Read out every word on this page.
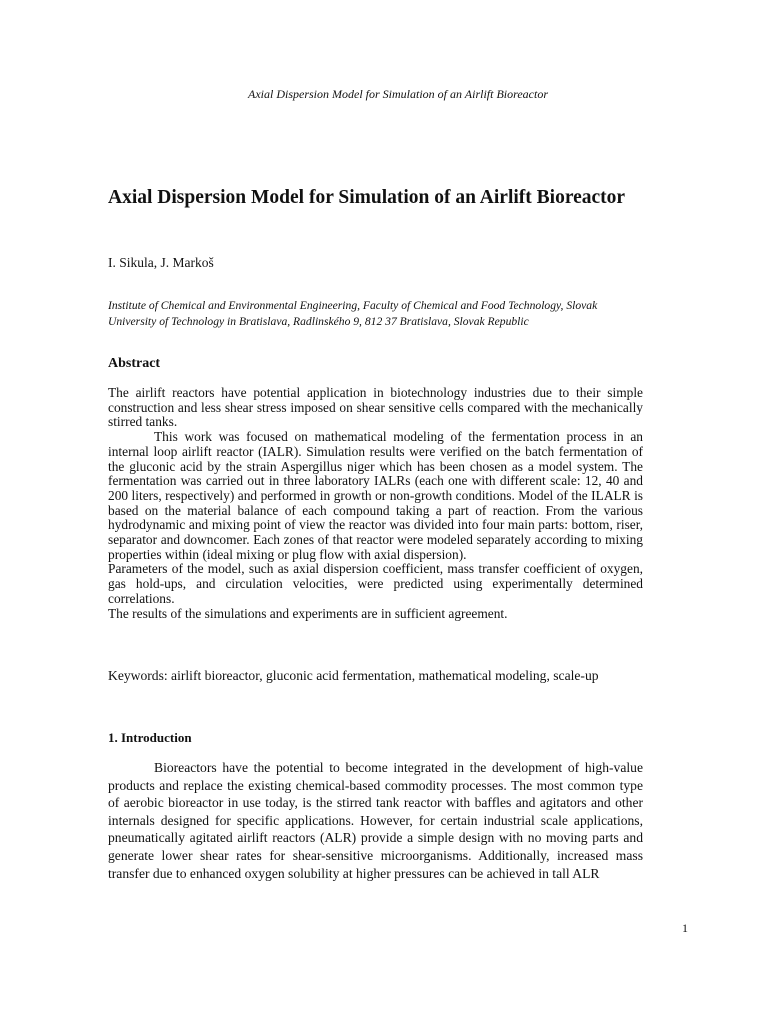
Axial Dispersion Model for Simulation of an Airlift Bioreactor
Axial Dispersion Model for Simulation of an Airlift Bioreactor
I. Sikula, J. Markoš
Institute of Chemical and Environmental Engineering, Faculty of Chemical and Food Technology, Slovak University of Technology in Bratislava, Radlinského 9, 812 37 Bratislava, Slovak Republic
Abstract

The airlift reactors have potential application in biotechnology industries due to their simple construction and less shear stress imposed on shear sensitive cells compared with the mechanically stirred tanks.

This work was focused on mathematical modeling of the fermentation process in an internal loop airlift reactor (IALR). Simulation results were verified on the batch fermentation of the gluconic acid by the strain Aspergillus niger which has been chosen as a model system. The fermentation was carried out in three laboratory IALRs (each one with different scale: 12, 40 and 200 liters, respectively) and performed in growth or non-growth conditions. Model of the ILALR is based on the material balance of each compound taking a part of reaction. From the various hydrodynamic and mixing point of view the reactor was divided into four main parts: bottom, riser, separator and downcomer. Each zones of that reactor were modeled separately according to mixing properties within (ideal mixing or plug flow with axial dispersion).

Parameters of the model, such as axial dispersion coefficient, mass transfer coefficient of oxygen, gas hold-ups, and circulation velocities, were predicted using experimentally determined correlations.

The results of the simulations and experiments are in sufficient agreement.

Keywords: airlift bioreactor, gluconic acid fermentation, mathematical modeling, scale-up
1. Introduction

Bioreactors have the potential to become integrated in the development of high-value products and replace the existing chemical-based commodity processes. The most common type of aerobic bioreactor in use today, is the stirred tank reactor with baffles and agitators and other internals designed for specific applications. However, for certain industrial scale applications, pneumatically agitated airlift reactors (ALR) provide a simple design with no moving parts and generate lower shear rates for shear-sensitive microorganisms. Additionally, increased mass transfer due to enhanced oxygen solubility at higher pressures can be achieved in tall ALR

1
